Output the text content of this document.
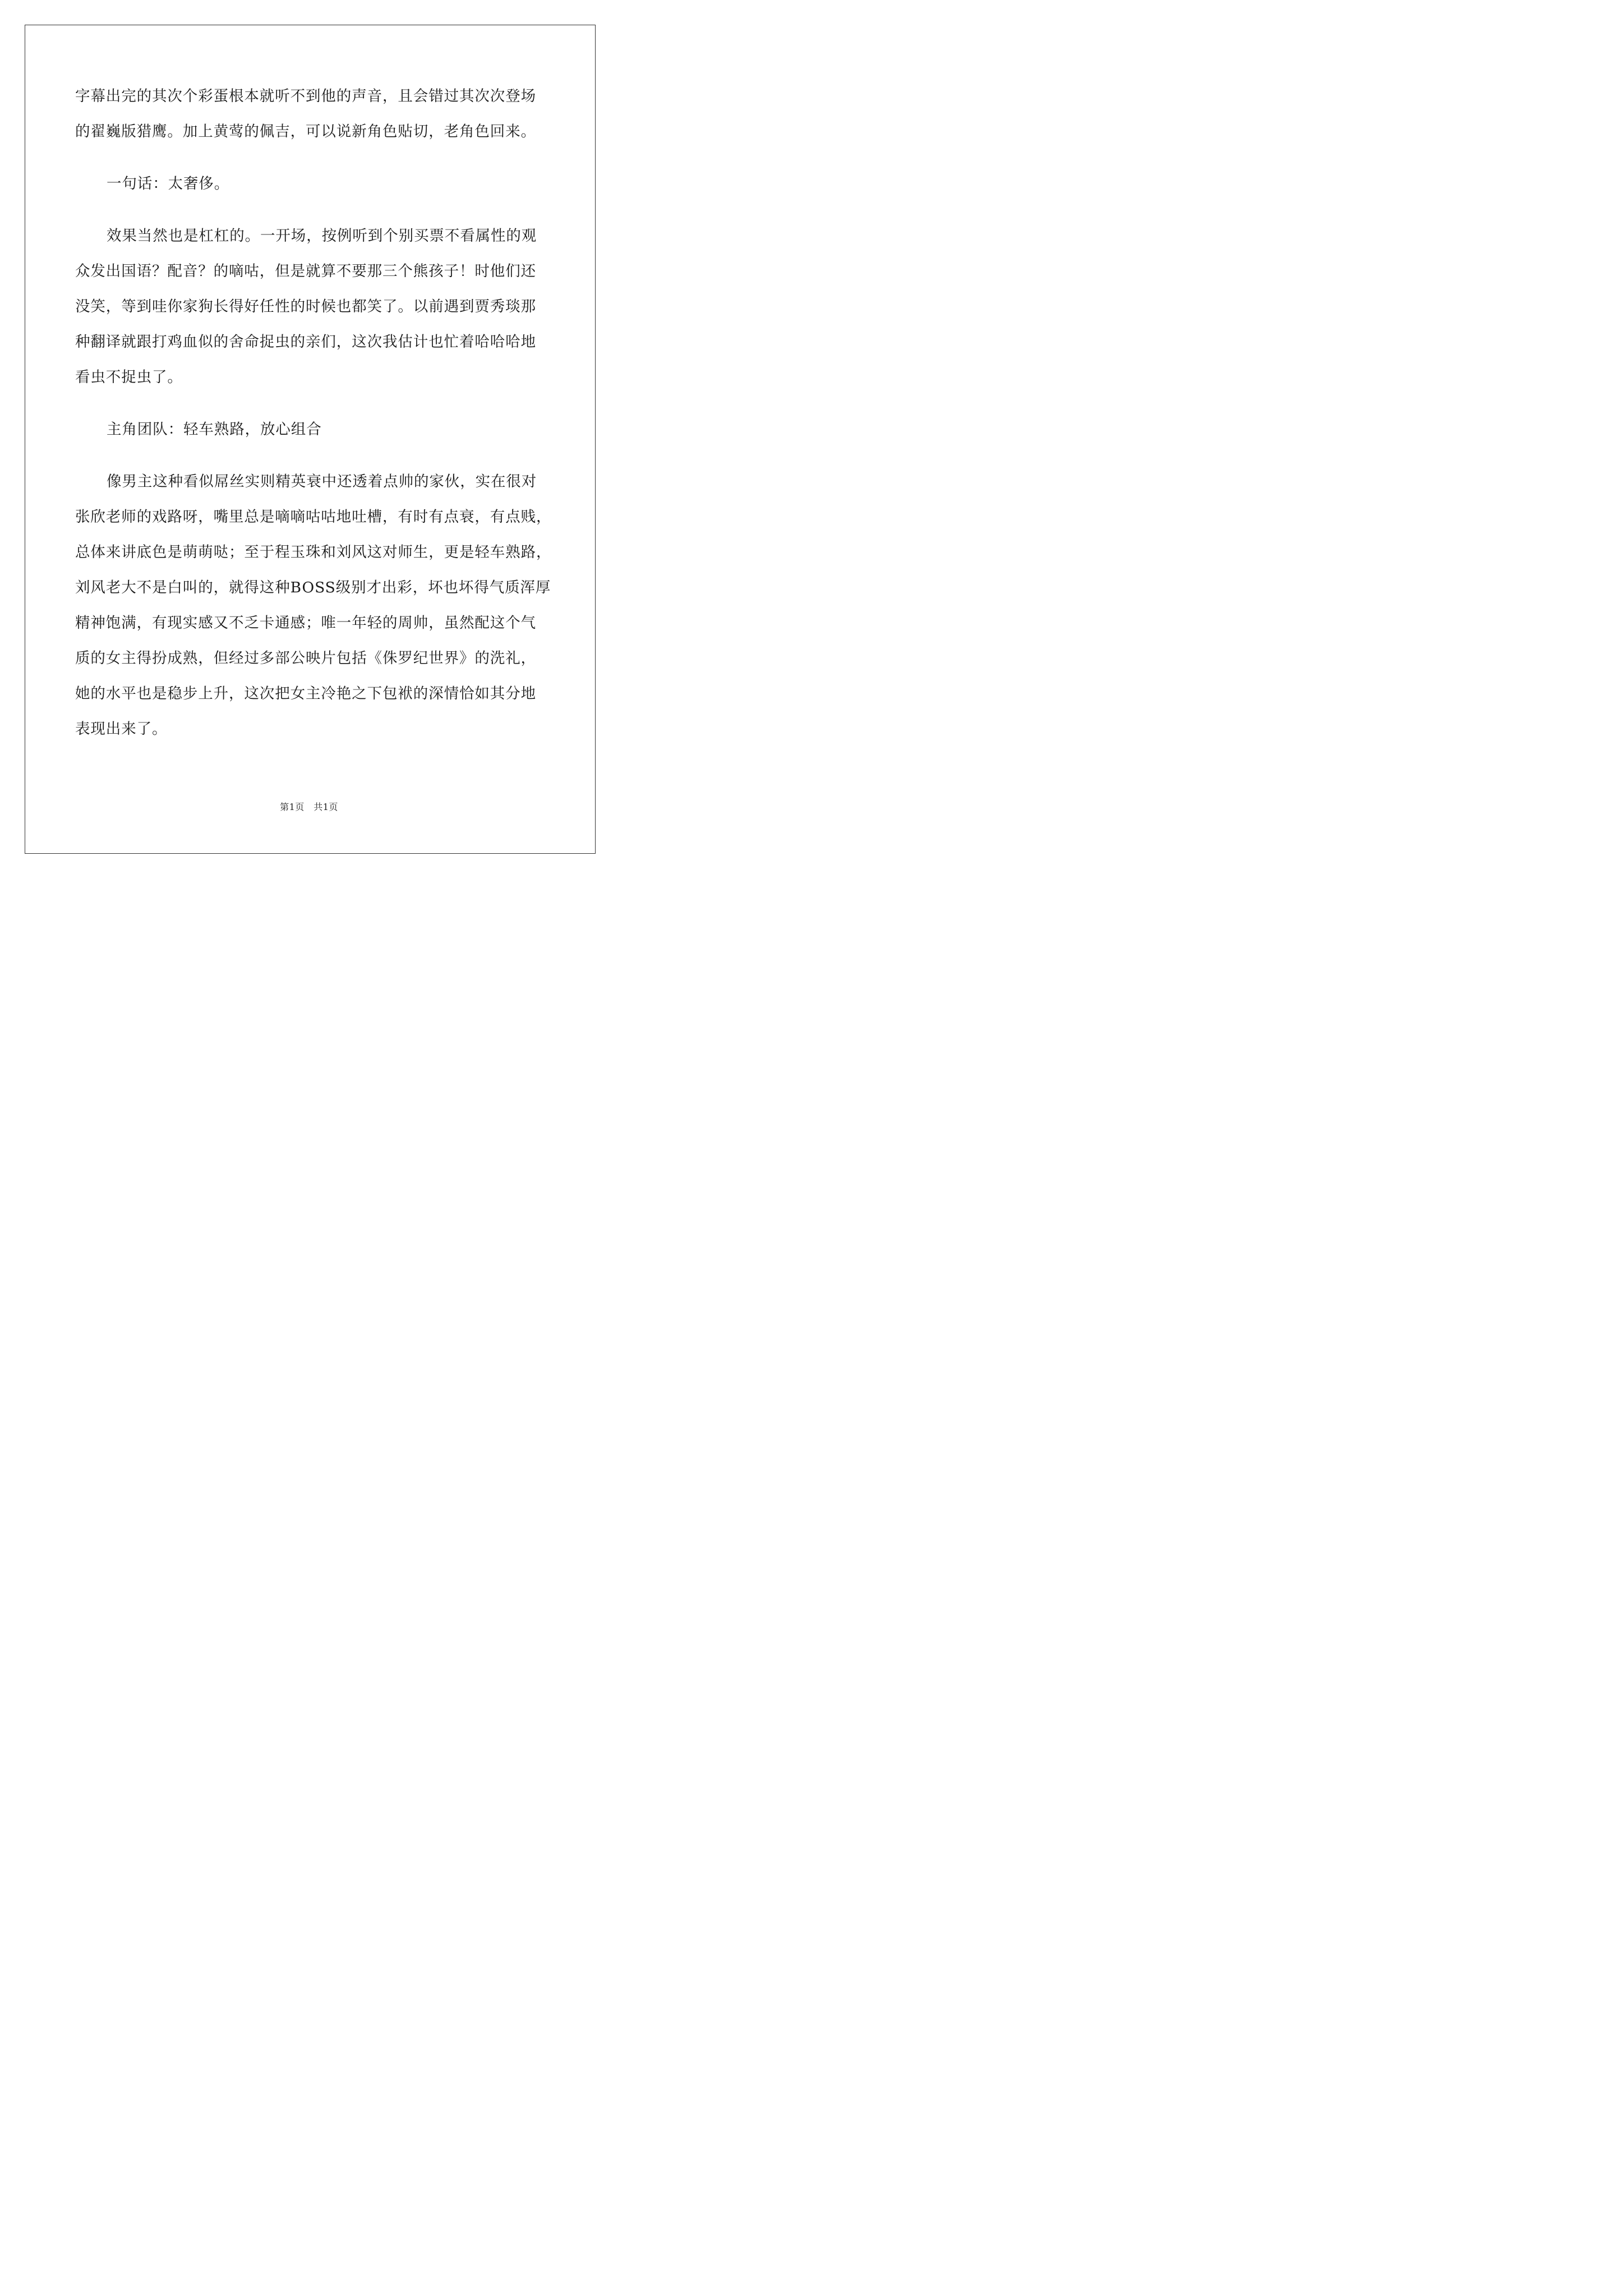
字幕出完的其次个彩蛋根本就听不到他的声音，且会错过其次次登场
的翟巍版猎鹰。加上黄莺的佩吉，可以说新角色贴切，老角色回来。
一句话：太奢侈。
效果当然也是杠杠的。一开场，按例听到个别买票不看属性的观
众发出国语？配音？的嘀咕，但是就算不要那三个熊孩子！时他们还
没笑，等到哇你家狗长得好任性的时候也都笑了。以前遇到贾秀琰那
种翻译就跟打鸡血似的舍命捉虫的亲们，这次我估计也忙着哈哈哈地
看虫不捉虫了。
主角团队：轻车熟路，放心组合
像男主这种看似屌丝实则精英衰中还透着点帅的家伙，实在很对
张欣老师的戏路呀，嘴里总是嘀嘀咕咕地吐槽，有时有点衰，有点贱，
总体来讲底色是萌萌哒；至于程玉珠和刘风这对师生，更是轻车熟路，
刘风老大不是白叫的，就得这种BOSS级别才出彩，坏也坏得气质浑厚
精神饱满，有现实感又不乏卡通感；唯一年轻的周帅，虽然配这个气
质的女主得扮成熟，但经过多部公映片包括《侏罗纪世界》的洗礼，
她的水平也是稳步上升，这次把女主冷艳之下包袱的深情恰如其分地
表现出来了。
第1页　共1页
